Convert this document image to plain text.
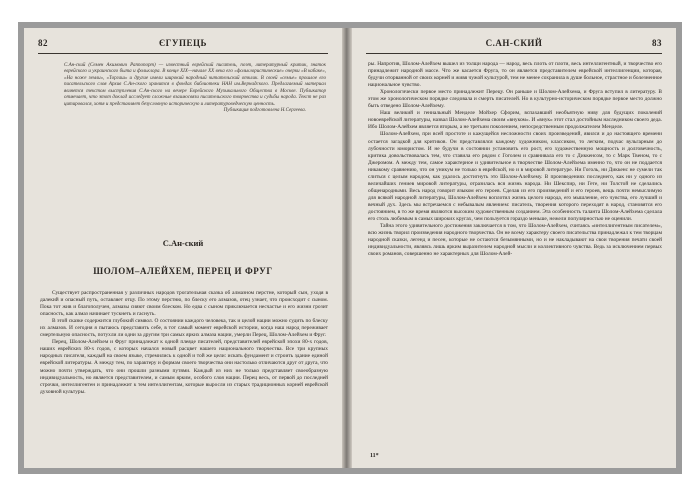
82	ЄГУПЕЦЬ
С.Ан-ский (Семен Акимович Раппопорт) — известный еврейский писатель, поэт, литературный критик, знаток еврейского и украинского быта и фольклора. В конце XIX—начале XX века его «фольклористические» очерки «В кабаке», «На ноже земли», «Торгаш» и другие имели широкий народный читательский отклик. В своей «семье» прошлое его писательского слоя Архив С.Ан-ского хранится в фондах библиотеки НАН им.Вернадского. Предлагаемый материал является текстом выступления С.Ан-ского на вечере Еврейского Музыкального Общества в Москве. Публикатор отмечает, что этот доклад исследует сложные взаимосвязи писательского творчества и судьбы народа. Текст не раз цитировался, хотя и представляет безусловную историческую и литературоведческую ценность.
Публикация подготовлена Н.Сергеева.
С.Ан-ский
ШОЛОМ–АЛЕЙХЕМ, ПЕРЕЦ И ФРУГ

Существует распространенная у различных народов трогательная сказка об алмазном перстне, который сын, уходя в далекий и опасный путь, оставляет отцу. По этому перстню, по блеску его алмазов, отец узнает, что происходит с сыном. Пока тот жив и благополучен, алмазы сияют своим блеском. Но едва с сыном приключается несчастье и его жизни грозит опасность, как алмаз начинает тускнеть и гаснуть.

В этой сказке содержится глубокий символ. О состоянии каждого человека, так и целой нации можно судить по блеску их алмазов. И сегодня я пытаюсь представить себе, в тот самый момент еврейской истории, когда наш народ переживает смертельную опасность, потухли ли одни за другим три самых ярких алмаза нации, умерли Перец, Шолом-Алейхем и Фруг.

Перец, Шолом-Алейхем и Фруг принадлежат к одной плеяде писателей, представителей еврейской эпохи 80-х годов, наших еврейских 80-х годов, с которых начался новый расцвет нашего национального творчества. Все три крупных народных писателя, каждый на своем языке, стремились к одной и той же цели: искать фундамент и строить здание единой еврейской литературы. А между тем, по характеру и формам своего творчества они настолько отличаются друг от друга, что можно почти утверждать, что они прошли разными путями. Каждый из них не только представляет своеобразную индивидуальность, но является представителем, и самым ярким, особого слоя нации. Перец весь, от первой до последней строчки, интеллигентен и принадлежит к тем интеллигентам, которые выросли из старых традиционных корней еврейской духовной культуры.

С.АН-СКИЙ	83

ры. Напротив, Шолом-Алейхем вышел из толщи народа — народ, весь плоть от плоти, весь интеллигентный, и творчество его принадлежит народной массе. Что же касается Фруга, то он является представителем еврейской интеллигенции, которая, будучи оторванной от своих корней и живя чужой культурой, тем не менее сохранила в душе больное, страстное и болезненное национальное чувство.

Хронологически первое место принадлежит Перецу. Он раньше и Шолом-Алейхема, и Фруга вступил в литературу. В этом же хронологическом порядке следовала и смерть писателей. Но в культурно-историческом порядке первое место должно быть отведено Шолом-Алейхему.

Наш великий и гениальный Менделе Мойхер Сфорим, вспахавший необъятную ниву для будущих поколений новоеврейской литературы, назвал Шолом-Алейхема своим «внуком». И «внук» этот стал достойным наследником своего деда. Ибо Шолом-Алейхем является вторым, а не третьим поколением, непосредственным продолжателем Менделе.

Шолом-Алейхем, при всей простоте и кажущейся несложности своих произведений, явился и до настоящего времени остается загадкой для критиков. Он представлялся каждому художником, классиком, то легким, подчас вульгарным до лубочности юмористом. И не будучи в состоянии установить его рост, его художественную мощность и долговечность, критика довольствовалась тем, что ставила его рядом с Гоголем и сравнивала его то с Диккенсом, то с Марк Твеном, то с Джеромом. А между тем, самое характерное и удивительное в творчестве Шолом-Алейхема именно то, что он не поддается никакому сравнению, что он уникум не только в еврейской, но и в мировой литературе. Ни Гоголь, ни Диккенс не сумели так слиться с целым народом, как удалось достигнуть это Шолом-Алейхему. В произведениях последнего, как ни у одного из величайших гениев мировой литературы, отразилась вся жизнь народа. Ни Шекспир, ни Гете, ни Толстой не сделались общенародными. Весь народ говорит языком его героев. Сделав из его произведений и его героев, вещь почти немыслимую для всякой народной литературы, Шолом-Алейхем воплотил жизнь целого народа, его мышление, его чувства, его лучший и вечный дух. Здесь мы встречаемся с небывалым явлением: писатель, творения которого переходят в народ, становятся его достоянием, в то же время являются высоким художественным созданием. Эта особенность таланта Шолом-Алейхема сделала его столь любимым в самых широких кругах, чем пользуется гораздо меньше, нежели популярностью не оценили.

Тайна этого удивительного достижения заключается в том, что Шолом-Алейхем, считаясь «интеллигентным писателем», всю жизнь творил произведения народного творчества. Он не всему характеру своего писательства принадлежал к тем творцам народной сказки, легенд и песен, которые не остаются безымянными, но и не накладывают на свои творения печати своей индивидуальности, являясь лишь ярким выразителем народной мысли и коллективного чувства. Ведь за исключением первых своих романов, совершенно не характерных для Шолом-Алей-

11*
